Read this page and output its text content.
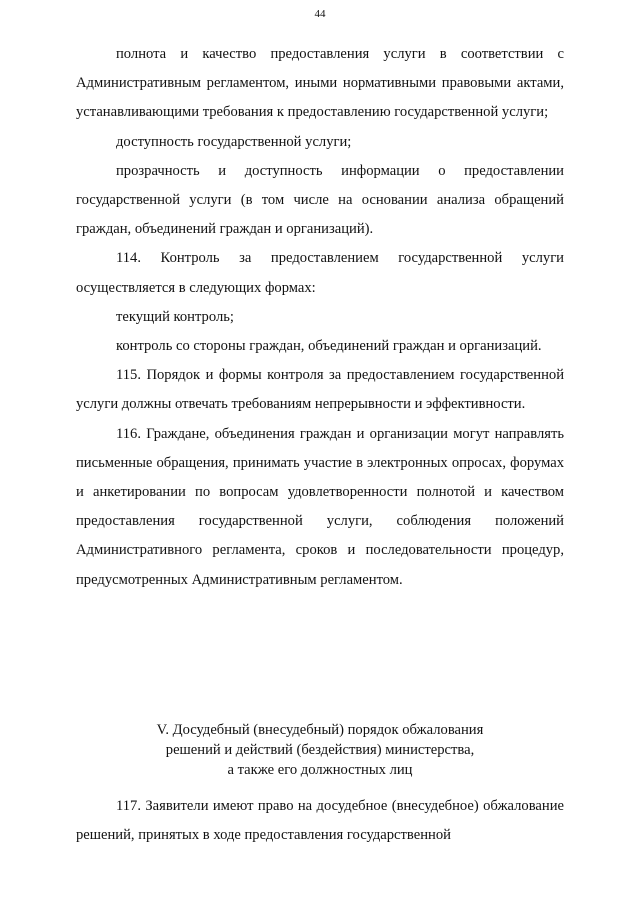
44

полнота и качество предоставления услуги в соответствии с Административным регламентом, иными нормативными правовыми актами, устанавливающими требования к предоставлению государственной услуги;

доступность государственной услуги;

прозрачность и доступность информации о предоставлении государственной услуги (в том числе на основании анализа обращений граждан, объединений граждан и организаций).

114. Контроль за предоставлением государственной услуги осуществляется в следующих формах:

текущий контроль;

контроль со стороны граждан, объединений граждан и организаций.

115. Порядок и формы контроля за предоставлением государственной услуги должны отвечать требованиям непрерывности и эффективности.

116. Граждане, объединения граждан и организации могут направлять письменные обращения, принимать участие в электронных опросах, форумах и анкетировании по вопросам удовлетворенности полнотой и качеством предоставления государственной услуги, соблюдения положений Административного регламента, сроков и последовательности процедур, предусмотренных Административным регламентом.

V. Досудебный (внесудебный) порядок обжалования
решений и действий (бездействия) министерства,
а также его должностных лиц

117. Заявители имеют право на досудебное (внесудебное) обжалование решений, принятых в ходе предоставления государственной
